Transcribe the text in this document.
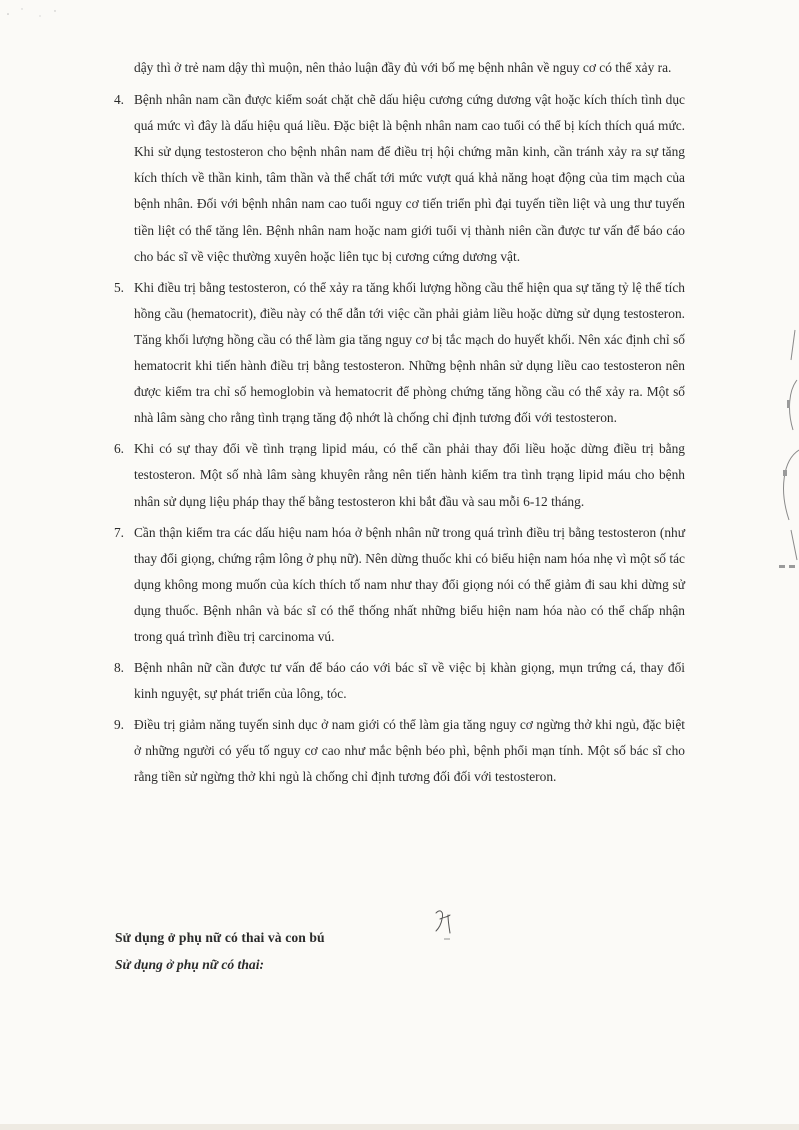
dậy thì ở trẻ nam dậy thì muộn, nên thảo luận đầy đủ với bố mẹ bệnh nhân về nguy cơ có thể xảy ra.

4. Bệnh nhân nam cần được kiểm soát chặt chẽ dấu hiệu cương cứng dương vật hoặc kích thích tình dục quá mức vì đây là dấu hiệu quá liều. Đặc biệt là bệnh nhân nam cao tuổi có thể bị kích thích quá mức. Khi sử dụng testosteron cho bệnh nhân nam để điều trị hội chứng mãn kinh, cần tránh xảy ra sự tăng kích thích về thần kinh, tâm thần và thể chất tới mức vượt quá khả năng hoạt động của tim mạch của bệnh nhân. Đối với bệnh nhân nam cao tuổi nguy cơ tiến triển phì đại tuyến tiền liệt và ung thư tuyến tiền liệt có thể tăng lên. Bệnh nhân nam hoặc nam giới tuổi vị thành niên cần được tư vấn để báo cáo cho bác sĩ về việc thường xuyên hoặc liên tục bị cương cứng dương vật.
5. Khi điều trị bằng testosteron, có thể xảy ra tăng khối lượng hồng cầu thể hiện qua sự tăng tỷ lệ thể tích hồng cầu (hematocrit), điều này có thể dẫn tới việc cần phải giảm liều hoặc dừng sử dụng testosteron. Tăng khối lượng hồng cầu có thể làm gia tăng nguy cơ bị tắc mạch do huyết khối. Nên xác định chỉ số hematocrit khi tiến hành điều trị bằng testosteron. Những bệnh nhân sử dụng liều cao testosteron nên được kiểm tra chỉ số hemoglobin và hematocrit để phòng chứng tăng hồng cầu có thể xảy ra. Một số nhà lâm sàng cho rằng tình trạng tăng độ nhớt là chống chỉ định tương đối với testosteron.
6. Khi có sự thay đổi về tình trạng lipid máu, có thể cần phải thay đổi liều hoặc dừng điều trị bằng testosteron. Một số nhà lâm sàng khuyên rằng nên tiến hành kiểm tra tình trạng lipid máu cho bệnh nhân sử dụng liệu pháp thay thế bằng testosteron khi bắt đầu và sau mỗi 6-12 tháng.
7. Cần thận kiểm tra các dấu hiệu nam hóa ở bệnh nhân nữ trong quá trình điều trị bằng testosteron (như thay đổi giọng, chứng rậm lông ở phụ nữ). Nên dừng thuốc khi có biểu hiện nam hóa nhẹ vì một số tác dụng không mong muốn của kích thích tố nam như thay đổi giọng nói có thể giảm đi sau khi dừng sử dụng thuốc. Bệnh nhân và bác sĩ có thể thống nhất những biểu hiện nam hóa nào có thể chấp nhận trong quá trình điều trị carcinoma vú.
8. Bệnh nhân nữ cần được tư vấn để báo cáo với bác sĩ về việc bị khàn giọng, mụn trứng cá, thay đổi kinh nguyệt, sự phát triển của lông, tóc.
9. Điều trị giảm năng tuyến sinh dục ở nam giới có thể làm gia tăng nguy cơ ngừng thở khi ngủ, đặc biệt ở những người có yếu tố nguy cơ cao như mắc bệnh béo phì, bệnh phổi mạn tính. Một số bác sĩ cho rằng tiền sử ngừng thở khi ngủ là chống chỉ định tương đối đối với testosteron.
Sử dụng ở phụ nữ có thai và con bú
Sử dụng ở phụ nữ có thai:
